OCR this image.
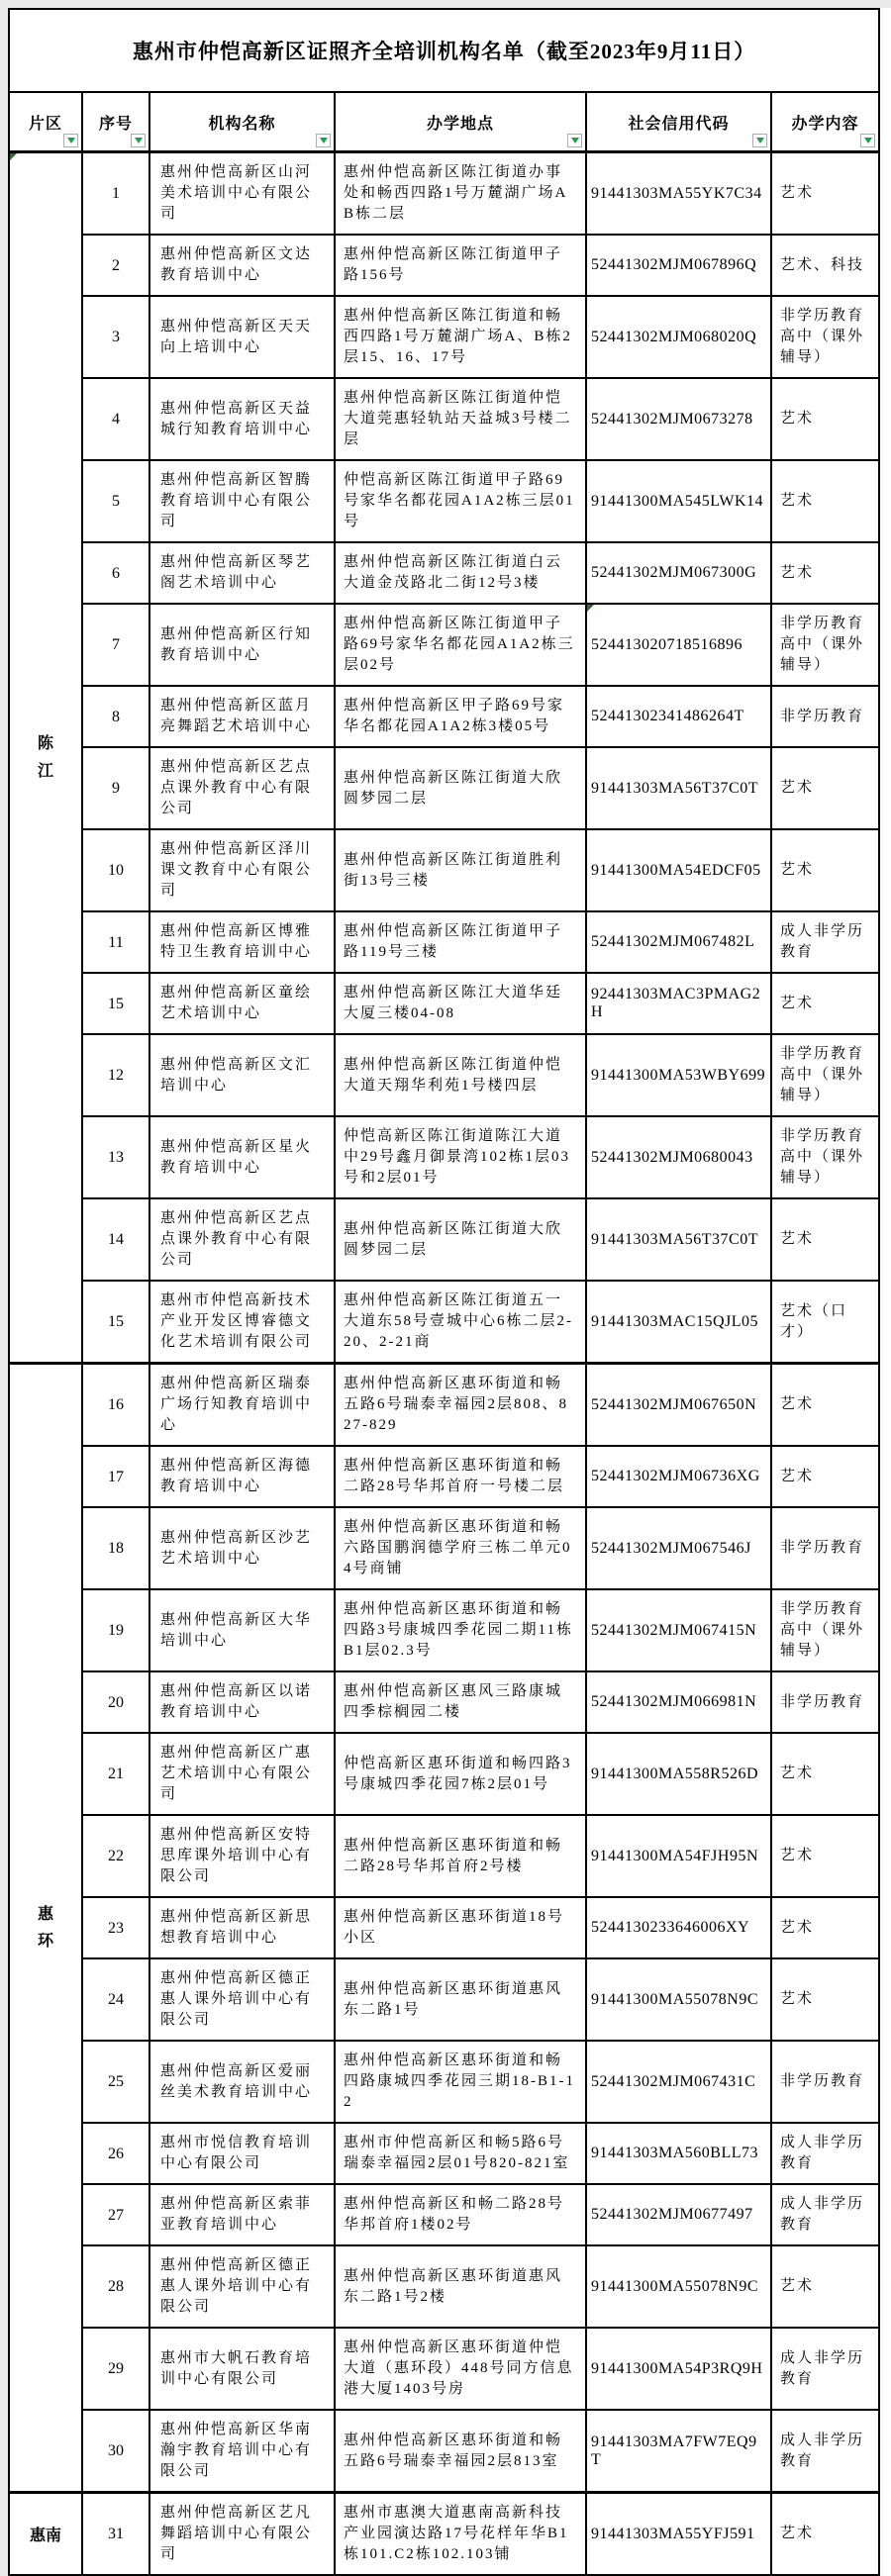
惠州市仲恺高新区证照齐全培训机构名单（截至2023年9月11日）					
片区	序号	机构名称	办学地点	社会信用代码	办学内容

陈江	1	惠州仲恺高新区山河美术培训中心有限公司	惠州仲恺高新区陈江街道办事处和畅西四路1号万麓湖广场AB栋二层	91441303MA55YK7C34	艺术
	2	惠州仲恺高新区文达教育培训中心	惠州仲恺高新区陈江街道甲子路156号	52441302MJM067896Q	艺术、科技
	3	惠州仲恺高新区天天向上培训中心	惠州仲恺高新区陈江街道和畅西四路1号万麓湖广场A、B栋2层15、16、17号	52441302MJM068020Q	非学历教育高中（课外辅导）
	4	惠州仲恺高新区天益城行知教育培训中心	惠州仲恺高新区陈江街道仲恺大道莞惠轻轨站天益城3号楼二层	52441302MJM0673278	艺术
	5	惠州仲恺高新区智腾教育培训中心有限公司	仲恺高新区陈江街道甲子路69号家华名都花园A1A2栋三层01号	91441300MA545LWK14	艺术
	6	惠州仲恺高新区琴艺阁艺术培训中心	惠州仲恺高新区陈江街道白云大道金茂路北二街12号3楼	52441302MJM067300G	艺术
	7	惠州仲恺高新区行知教育培训中心	惠州仲恺高新区陈江街道甲子路69号家华名都花园A1A2栋三层02号	524413020718516896	非学历教育高中（课外辅导）
	8	惠州仲恺高新区蓝月亮舞蹈艺术培训中心	惠州仲恺高新区甲子路69号家华名都花园A1A2栋3楼05号	52441302341486264T	非学历教育
	9	惠州仲恺高新区艺点点课外教育中心有限公司	惠州仲恺高新区陈江街道大欣圆梦园二层	91441303MA56T37C0T	艺术
	10	惠州仲恺高新区泽川课文教育中心有限公司	惠州仲恺高新区陈江街道胜利街13号三楼	91441300MA54EDCF05	艺术
	11	惠州仲恺高新区博雅特卫生教育培训中心	惠州仲恺高新区陈江街道甲子路119号三楼	52441302MJM067482L	成人非学历教育
	15	惠州仲恺高新区童绘艺术培训中心	惠州仲恺高新区陈江大道华廷大厦三楼04-08	92441303MAC3PMAG2H	艺术
	12	惠州仲恺高新区文汇培训中心	惠州仲恺高新区陈江街道仲恺大道天翔华利苑1号楼四层	91441300MA53WBY699	非学历教育高中（课外辅导）
	13	惠州仲恺高新区星火教育培训中心	仲恺高新区陈江街道陈江大道中29号鑫月御景湾102栋1层03号和2层01号	52441302MJM0680043	非学历教育高中（课外辅导）
	14	惠州仲恺高新区艺点点课外教育中心有限公司	惠州仲恺高新区陈江街道大欣圆梦园二层	91441303MA56T37C0T	艺术
	15	惠州市仲恺高新技术产业开发区博睿德文化艺术培训有限公司	惠州仲恺高新区陈江街道五一大道东58号壹城中心6栋二层2-20、2-21商	91441303MAC15QJL05	艺术（口才）
惠环	16	惠州仲恺高新区瑞泰广场行知教育培训中心	惠州仲恺高新区惠环街道和畅五路6号瑞泰幸福园2层808、827-829	52441302MJM067650N	艺术
	17	惠州仲恺高新区海德教育培训中心	惠州仲恺高新区惠环街道和畅二路28号华邦首府一号楼二层	52441302MJM06736XG	艺术
	18	惠州仲恺高新区沙艺艺术培训中心	惠州仲恺高新区惠环街道和畅六路国鹏润德学府三栋二单元04号商铺	52441302MJM067546J	非学历教育
	19	惠州仲恺高新区大华培训中心	惠州仲恺高新区惠环街道和畅四路3号康城四季花园二期11栋B1层02.3号	52441302MJM067415N	非学历教育高中（课外辅导）
	20	惠州仲恺高新区以诺教育培训中心	惠州仲恺高新区惠风三路康城四季棕榈园二楼	52441302MJM066981N	非学历教育
	21	惠州仲恺高新区广惠艺术培训中心有限公司	仲恺高新区惠环街道和畅四路3号康城四季花园7栋2层01号	91441300MA558R526D	艺术
	22	惠州仲恺高新区安特思库课外培训中心有限公司	惠州仲恺高新区惠环街道和畅二路28号华邦首府2号楼	91441300MA54FJH95N	艺术
	23	惠州仲恺高新区新思想教育培训中心	惠州仲恺高新区惠环街道18号小区	5244130233646006XY	艺术
	24	惠州仲恺高新区德正惠人课外培训中心有限公司	惠州仲恺高新区惠环街道惠风东二路1号	91441300MA55078N9C	艺术
	25	惠州仲恺高新区爱丽丝美术教育培训中心	惠州仲恺高新区惠环街道和畅四路康城四季花园三期18-B1-12	52441302MJM067431C	非学历教育
	26	惠州市悦信教育培训中心有限公司	惠州市仲恺高新区和畅5路6号瑞泰幸福园2层01号820-821室	91441303MA560BLL73	成人非学历教育
	27	惠州仲恺高新区索菲亚教育培训中心	惠州仲恺高新区和畅二路28号华邦首府1楼02号	52441302MJM0677497	成人非学历教育
	28	惠州仲恺高新区德正惠人课外培训中心有限公司	惠州仲恺高新区惠环街道惠风东二路1号2楼	91441300MA55078N9C	艺术
	29	惠州市大帆石教育培训中心有限公司	惠州仲恺高新区惠环街道仲恺大道（惠环段）448号同方信息港大厦1403号房	91441300MA54P3RQ9H	成人非学历教育
	30	惠州仲恺高新区华南瀚宇教育培训中心有限公司	惠州仲恺高新区惠环街道和畅五路6号瑞泰幸福园2层813室	91441303MA7FW7EQ9T	成人非学历教育
惠南	31	惠州仲恺高新区艺凡舞蹈培训中心有限公司	惠州市惠澳大道惠南高新科技产业园演达路17号花样年华B1栋101.C2栋102.103铺	91441303MA55YFJ591	艺术
